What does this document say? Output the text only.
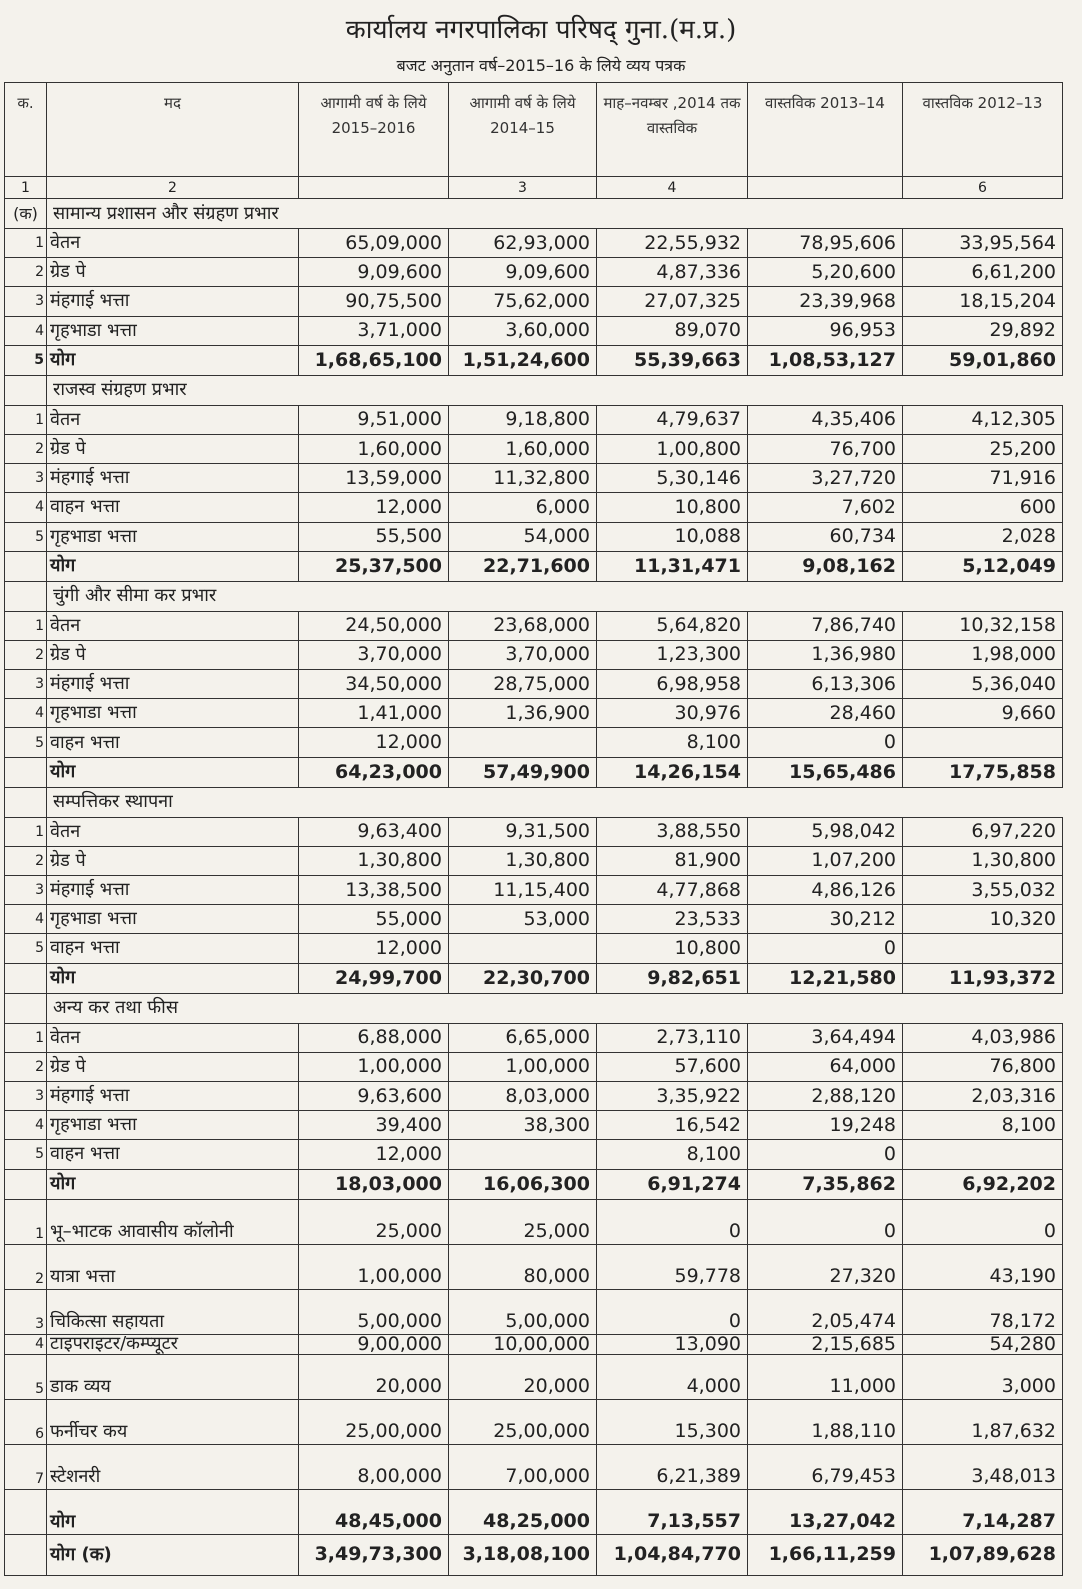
कार्यालय नगरपालिका परिषद् गुना.(म.प्र.)
बजट अनुतान वर्ष–2015–16 के लिये व्यय पत्रक
क.	मद	आगामी वर्ष के लिये 2015–2016	आगामी वर्ष के लिये 2014–15	माह–नवम्बर ,2014 तक वास्तविक	वास्तविक 2013–14	वास्तविक 2012–13
1	2		3	4		6
(क)	सामान्य प्रशासन और संग्रहण प्रभार					
1	वेतन	65,09,000	62,93,000	22,55,932	78,95,606	33,95,564
2	ग्रेड पे	9,09,600	9,09,600	4,87,336	5,20,600	6,61,200
3	मंहगाई भत्ता	90,75,500	75,62,000	27,07,325	23,39,968	18,15,204
4	गृहभाडा भत्ता	3,71,000	3,60,000	89,070	96,953	29,892
5	योग	1,68,65,100	1,51,24,600	55,39,663	1,08,53,127	59,01,860
	राजस्व संग्रहण प्रभार					
1	वेतन	9,51,000	9,18,800	4,79,637	4,35,406	4,12,305
2	ग्रेड पे	1,60,000	1,60,000	1,00,800	76,700	25,200
3	मंहगाई भत्ता	13,59,000	11,32,800	5,30,146	3,27,720	71,916
4	वाहन भत्ता	12,000	6,000	10,800	7,602	600
5	गृहभाडा भत्ता	55,500	54,000	10,088	60,734	2,028
	योग	25,37,500	22,71,600	11,31,471	9,08,162	5,12,049
	चुंगी और सीमा कर प्रभार					
1	वेतन	24,50,000	23,68,000	5,64,820	7,86,740	10,32,158
2	ग्रेड पे	3,70,000	3,70,000	1,23,300	1,36,980	1,98,000
3	मंहगाई भत्ता	34,50,000	28,75,000	6,98,958	6,13,306	5,36,040
4	गृहभाडा भत्ता	1,41,000	1,36,900	30,976	28,460	9,660
5	वाहन भत्ता	12,000		8,100	0	
	योग	64,23,000	57,49,900	14,26,154	15,65,486	17,75,858
	सम्पत्तिकर स्थापना					
1	वेतन	9,63,400	9,31,500	3,88,550	5,98,042	6,97,220
2	ग्रेड पे	1,30,800	1,30,800	81,900	1,07,200	1,30,800
3	मंहगाई भत्ता	13,38,500	11,15,400	4,77,868	4,86,126	3,55,032
4	गृहभाडा भत्ता	55,000	53,000	23,533	30,212	10,320
5	वाहन भत्ता	12,000		10,800	0	
	योग	24,99,700	22,30,700	9,82,651	12,21,580	11,93,372
	अन्य कर तथा फीस					
1	वेतन	6,88,000	6,65,000	2,73,110	3,64,494	4,03,986
2	ग्रेड पे	1,00,000	1,00,000	57,600	64,000	76,800
3	मंहगाई भत्ता	9,63,600	8,03,000	3,35,922	2,88,120	2,03,316
4	गृहभाडा भत्ता	39,400	38,300	16,542	19,248	8,100
5	वाहन भत्ता	12,000		8,100	0	
	योग	18,03,000	16,06,300	6,91,274	7,35,862	6,92,202
1	भू–भाटक आवासीय कॉलोनी	25,000	25,000	0	0	0
2	यात्रा भत्ता	1,00,000	80,000	59,778	27,320	43,190
3	चिकित्सा सहायता	5,00,000	5,00,000	0	2,05,474	78,172
4	टाइपराइटर/कम्प्यूटर	9,00,000	10,00,000	13,090	2,15,685	54,280
5	डाक व्यय	20,000	20,000	4,000	11,000	3,000
6	फर्नीचर कय	25,00,000	25,00,000	15,300	1,88,110	1,87,632
7	स्टेशनरी	8,00,000	7,00,000	6,21,389	6,79,453	3,48,013
	योग	48,45,000	48,25,000	7,13,557	13,27,042	7,14,287
	योग (क)	3,49,73,300	3,18,08,100	1,04,84,770	1,66,11,259	1,07,89,628
